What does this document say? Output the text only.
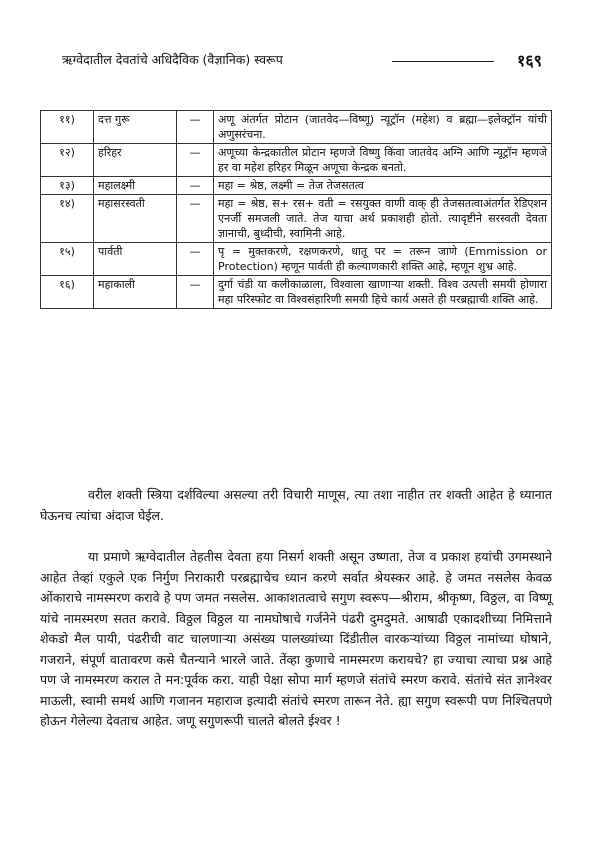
ऋग्वेदातील देवतांचे अधिदैविक (वैज्ञानिक) स्वरूप	१६९
११)	दत्त गुरू	—	अणू अंतर्गत प्रोटान (जातवेद—विष्णू) न्यूट्रॉन (महेश) व ब्रह्मा—इलेक्ट्रॉन यांची अणुसरंचना.
१२)	हरिहर	—	अणूच्या केन्द्रकातील प्रोटान म्हणजे विष्णु किंवा जातवेद अग्नि आणि न्यूट्रॉन म्हणजे हर वा महेश हरिहर मिळून अणूचा केन्द्रक बनतो.
१३)	महालक्ष्मी	—	महा = श्रेष्ठ, लक्ष्मी = तेज तेजसतत्व
१४)	महासरस्वती	—	महा = श्रेष्ठ, स+ रस+ वती = रसयुक्त वाणी वाक् ही तेजसतत्वाअंतर्गत रेडिएशन एनर्जी समजली जाते. तेज याचा अर्थ प्रकाशही होतो. त्यादृष्टीने सरस्वती देवता ज्ञानाची, बुध्दीची, स्वामिनी आहे.
१५)	पार्वती	—	पृ = मुक्तकरणे, रक्षणकरणे, धातू पर = तरून जाणे (Emmission or Protection) म्हणून पार्वती ही कल्याणकारी शक्ति आहे, म्हणून शुभ्र आहे.
१६)	महाकाली	—	दुर्गा चंडी या कलीकाळाला, विश्वाला खाणाऱ्या शक्ती. विश्व उत्पत्ती समयी होणारा महा परिस्फोट वा विश्वसंहारिणी समयी हिचे कार्य असते ही परब्रह्माची शक्ति आहे.

वरील शक्ती स्त्रिया दर्शविल्या असल्या तरी विचारी माणूस, त्या तशा नाहीत तर शक्ती आहेत हे ध्यानात घेऊनच त्यांचा अंदाज घेईल.

या प्रमाणे ऋग्वेदातील तेहतीस देवता हया निसर्ग शक्ती असून उष्णता, तेज व प्रकाश हयांची उगमस्थाने आहेत तेव्हां एकुले एक निर्गुण निराकारी परब्रह्माचेच ध्यान करणे सर्वात श्रेयस्कर आहे. हे जमत नसलेस केवळ ओंकाराचे नामस्मरण करावे हे पण जमत नसलेस. आकाशतत्वाचे सगुण स्वरूप—श्रीराम, श्रीकृष्ण, विठ्ठल, वा विष्णू यांचे नामस्मरण सतत करावे. विठ्ठल विठ्ठल या नामघोषाचे गर्जनेने पंढरी दुमदुमते. आषाढी एकादशीच्या निमित्ताने शेकडो मैल पायी, पंढरीची वाट चालणाऱ्या असंख्य पालख्यांच्या दिंडीतील वारकऱ्यांच्या विठ्ठल नामांच्या घोषाने, गजराने, संपूर्ण वातावरण कसे चैतन्याने भारले जाते. तेंव्हा कुणाचे नामस्मरण करायचे? हा ज्याचा त्याचा प्रश्न आहे पण जे नामस्मरण कराल ते मन:पूर्वक करा. याही पेक्षा सोपा मार्ग म्हणजे संतांचे स्मरण करावे. संतांचे संत ज्ञानेश्वर माऊली, स्वामी समर्थ आणि गजानन महाराज इत्यादी संतांचे स्मरण तारून नेते. ह्या सगुण स्वरूपी पण निश्चितपणे होऊन गेलेल्या देवताच आहेत. जणू सगुणरूपी चालते बोलते ईश्वर !
